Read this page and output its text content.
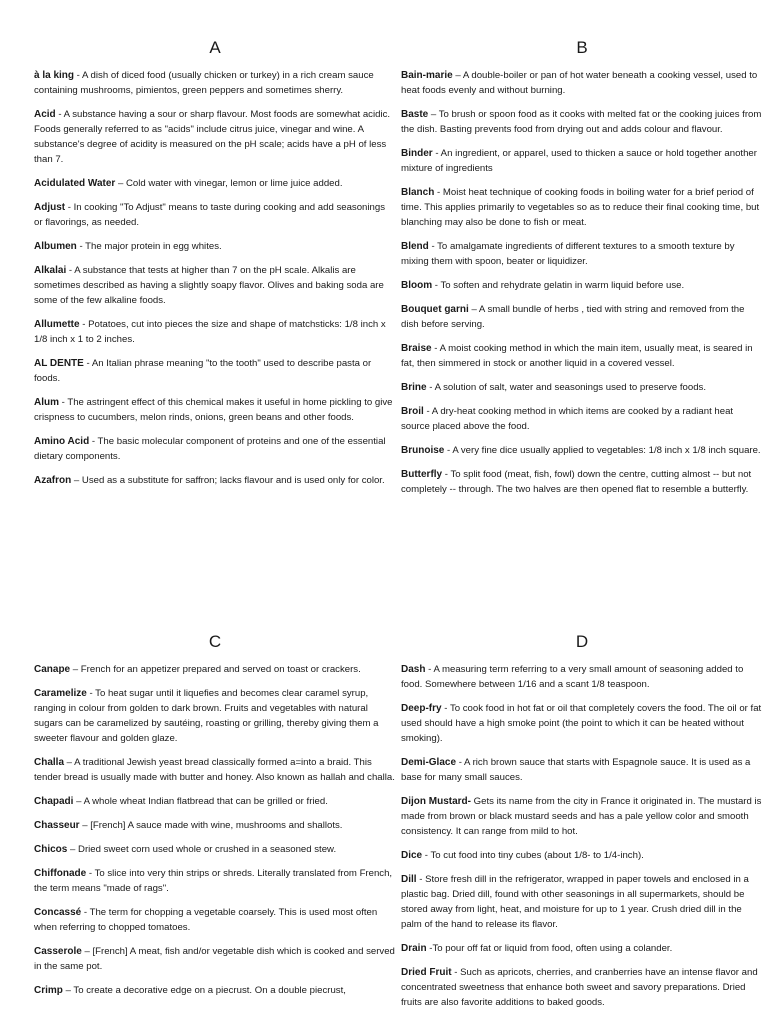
A

à la king - A dish of diced food (usually chicken or turkey) in a rich cream sauce containing mushrooms, pimientos, green peppers and sometimes sherry.

Acid - A substance having a sour or sharp flavour. Most foods are somewhat acidic. Foods generally referred to as "acids" include citrus juice, vinegar and wine. A substance's degree of acidity is measured on the pH scale; acids have a pH of less than 7.

Acidulated Water – Cold water with vinegar, lemon or lime juice added.

Adjust - In cooking "To Adjust" means to taste during cooking and add seasonings or flavorings, as needed.

Albumen - The major protein in egg whites.

Alkalai - A substance that tests at higher than 7 on the pH scale. Alkalis are sometimes described as having a slightly soapy flavor. Olives and baking soda are some of the few alkaline foods.

Allumette - Potatoes, cut into pieces the size and shape of matchsticks: 1/8 inch x 1/8 inch x 1 to 2 inches.

AL DENTE - An Italian phrase meaning "to the tooth" used to describe pasta or foods.

Alum - The astringent effect of this chemical makes it useful in home pickling to give crispness to cucumbers, melon rinds, onions, green beans and other foods.

Amino Acid - The basic molecular component of proteins and one of the essential dietary components.

Azafron – Used as a substitute for saffron; lacks flavour and is used only for color.

B

Bain-marie – A double-boiler or pan of hot water beneath a cooking vessel, used to heat foods evenly and without burning.

Baste – To brush or spoon food as it cooks with melted fat or the cooking juices from the dish. Basting prevents food from drying out and adds colour and flavour.

Binder - An ingredient, or apparel, used to thicken a sauce or hold together another mixture of ingredients

Blanch - Moist heat technique of cooking foods in boiling water for a brief period of time. This applies primarily to vegetables so as to reduce their final cooking time, but blanching may also be done to fish or meat.

Blend - To amalgamate ingredients of different textures to a smooth texture by mixing them with spoon, beater or liquidizer.

Bloom - To soften and rehydrate gelatin in warm liquid before use.

Bouquet garni – A small bundle of herbs , tied with string and removed from the dish before serving.

Braise - A moist cooking method in which the main item, usually meat, is seared in fat, then simmered in stock or another liquid in a covered vessel.

Brine - A solution of salt, water and seasonings used to preserve foods.

Broil - A dry-heat cooking method in which items are cooked by a radiant heat source placed above the food.

Brunoise - A very fine dice usually applied to vegetables: 1/8 inch x 1/8 inch square.

Butterfly - To split food (meat, fish, fowl) down the centre, cutting almost -- but not completely -- through. The two halves are then opened flat to resemble a butterfly.

C

Canape – French for an appetizer prepared and served on toast or crackers.

Caramelize - To heat sugar until it liquefies and becomes clear caramel syrup, ranging in colour from golden to dark brown. Fruits and vegetables with natural sugars can be caramelized by sautéing, roasting or grilling, thereby giving them a sweeter flavour and golden glaze.

Challa – A traditional Jewish yeast bread classically formed a=into a braid. This tender bread is usually made with butter and honey. Also known as hallah and challa.

Chapadi – A whole wheat Indian flatbread that can be grilled or fried.

Chasseur – [French] A sauce made with wine, mushrooms and shallots.

Chicos – Dried sweet corn used whole or crushed in a seasoned stew.

Chiffonade - To slice into very thin strips or shreds. Literally translated from French, the term means "made of rags".

Concassé - The term for chopping a vegetable coarsely. This is used most often when referring to chopped tomatoes.

Casserole – [French] A meat, fish and/or vegetable dish which is cooked and served in the same pot.

Crimp – To create a decorative edge on a piecrust. On a double piecrust,

D

Dash - A measuring term referring to a very small amount of seasoning added to food. Somewhere between 1/16 and a scant 1/8 teaspoon.

Deep-fry - To cook food in hot fat or oil that completely covers the food. The oil or fat used should have a high smoke point (the point to which it can be heated without smoking).

Demi-Glace - A rich brown sauce that starts with Espagnole sauce. It is used as a base for many small sauces.

Dijon Mustard- Gets its name from the city in France it originated in. The mustard is made from brown or black mustard seeds and has a pale yellow color and smooth consistency. It can range from mild to hot.

Dice - To cut food into tiny cubes (about 1/8- to 1/4-inch).

Dill - Store fresh dill in the refrigerator, wrapped in paper towels and enclosed in a plastic bag. Dried dill, found with other seasonings in all supermarkets, should be stored away from light, heat, and moisture for up to 1 year. Crush dried dill in the palm of the hand to release its flavor.

Drain -To pour off fat or liquid from food, often using a colander.

Dried Fruit - Such as apricots, cherries, and cranberries have an intense flavor and concentrated sweetness that enhance both sweet and savory preparations. Dried fruits are also favorite additions to baked goods.
